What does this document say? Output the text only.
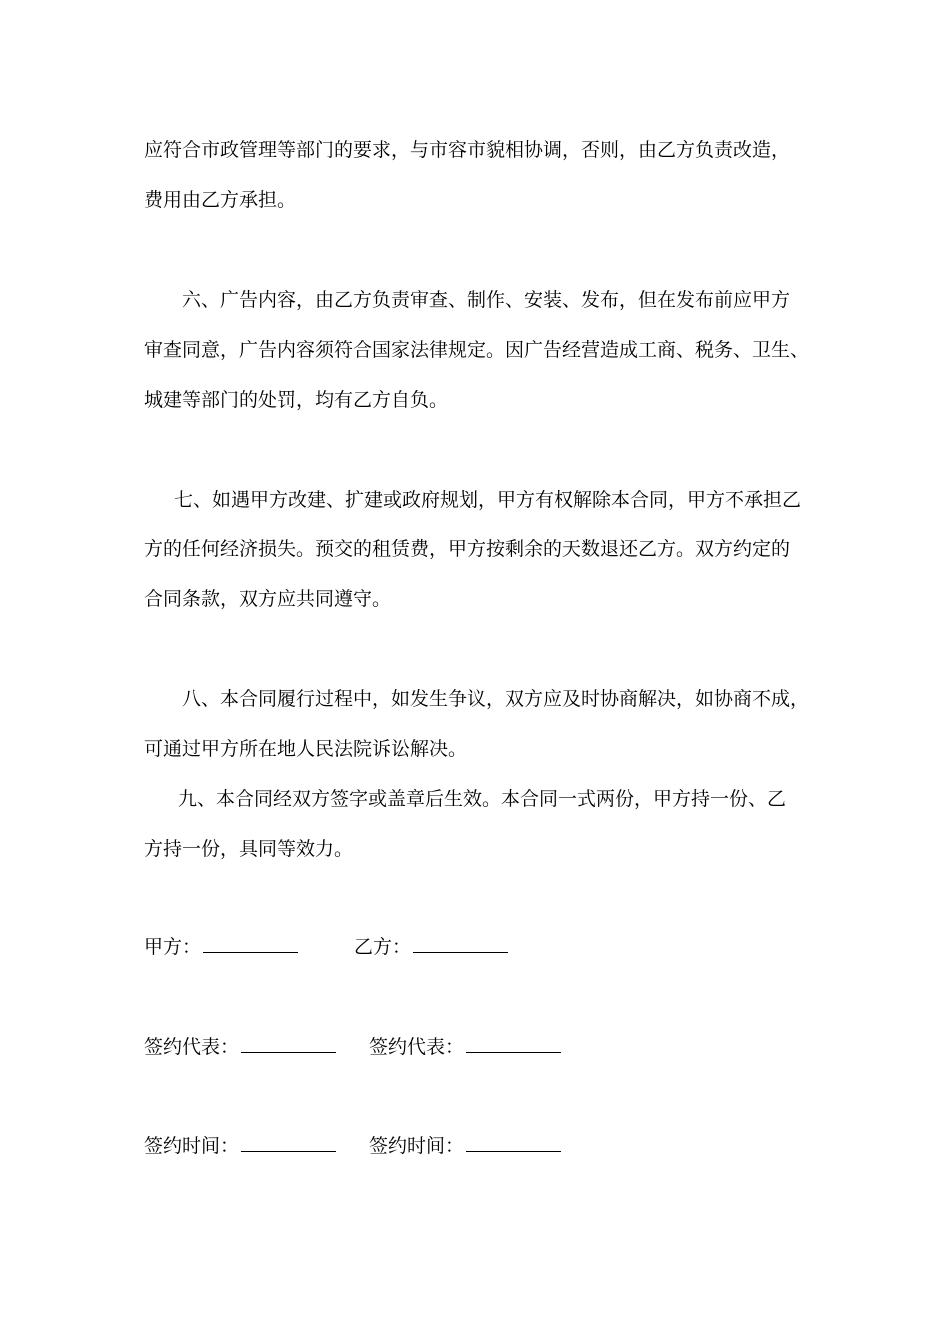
应符合市政管理等部门的要求，与市容市貌相协调，否则，由乙方负责改造，
费用由乙方承担。
六、广告内容，由乙方负责审查、制作、安装、发布，但在发布前应甲方
审查同意，广告内容须符合国家法律规定。因广告经营造成工商、税务、卫生、
城建等部门的处罚，均有乙方自负。
七、如遇甲方改建、扩建或政府规划，甲方有权解除本合同，甲方不承担乙
方的任何经济损失。预交的租赁费，甲方按剩余的天数退还乙方。双方约定的
合同条款，双方应共同遵守。
八、本合同履行过程中，如发生争议，双方应及时协商解决，如协商不成，
可通过甲方所在地人民法院诉讼解决。
九、本合同经双方签字或盖章后生效。本合同一式两份，甲方持一份、乙
方持一份，具同等效力。
甲方：	乙方：
签约代表：	签约代表：
签约时间：	签约时间：
